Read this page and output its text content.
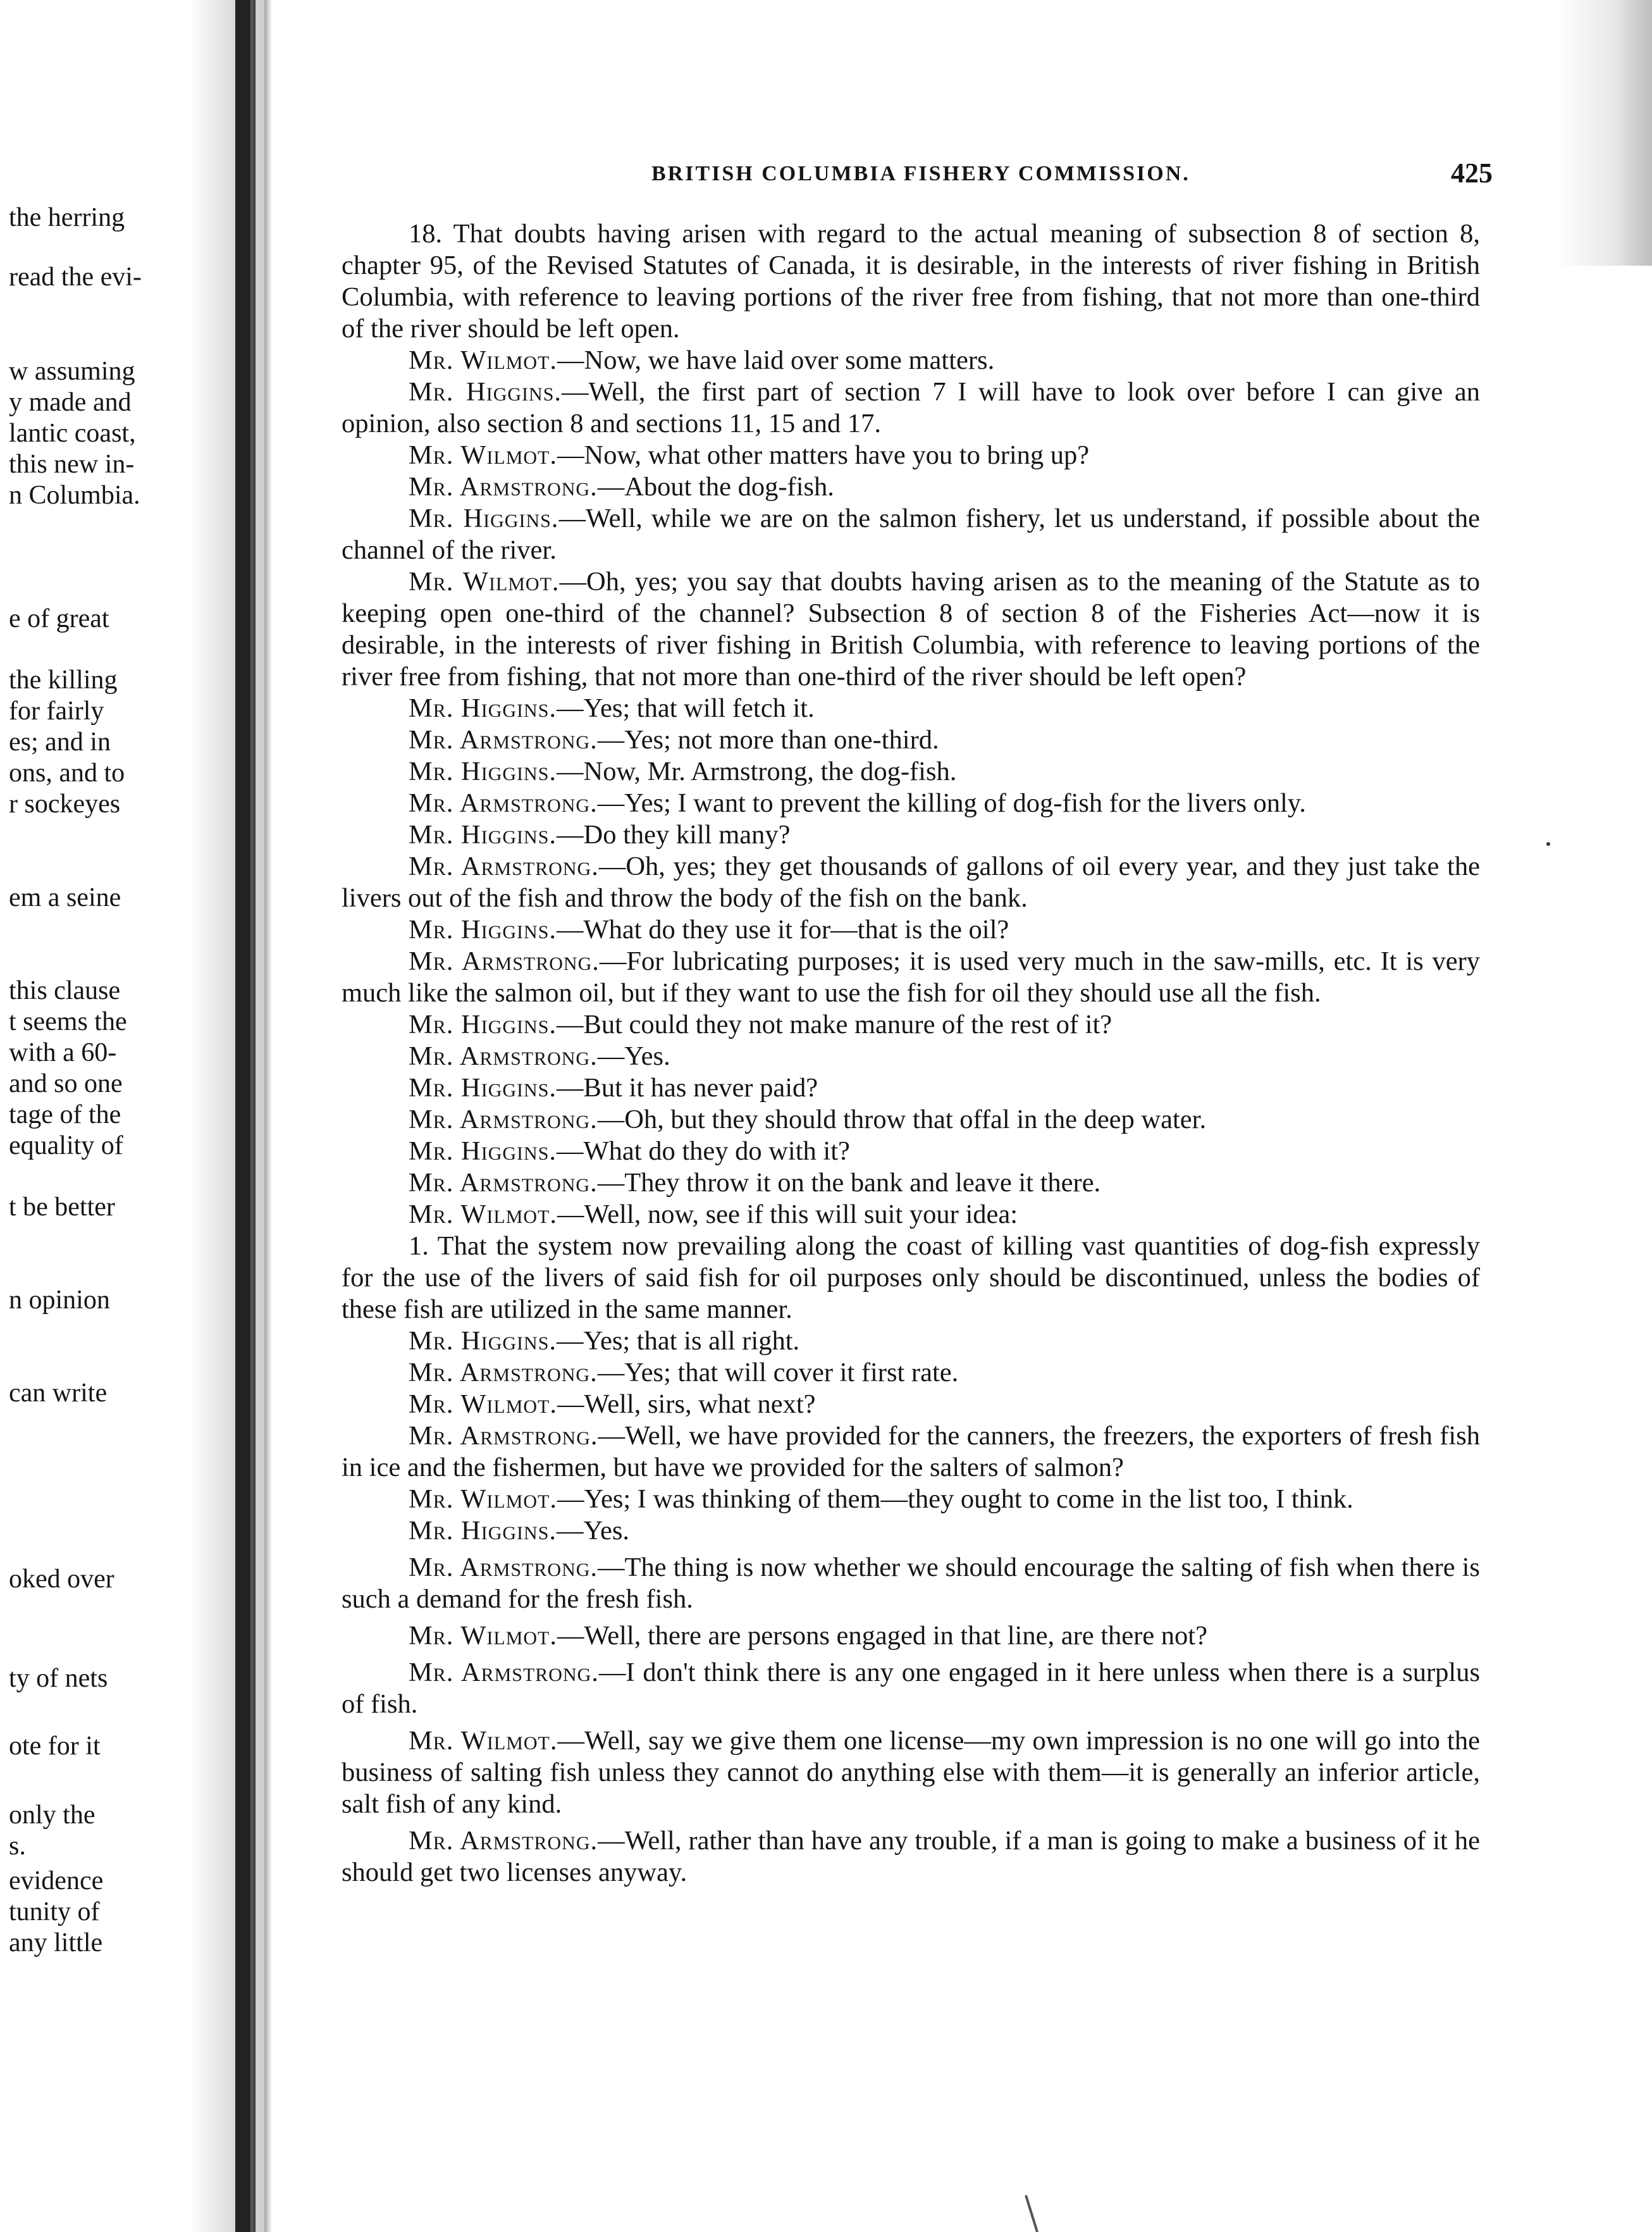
the herring
read the evi-
w assuming
y made and
lantic coast,
this new in-
n Columbia.
e of great
the killing
for fairly
es; and in
ons, and to
r sockeyes
em a seine
this clause
t seems the
with a 60-
and so one
tage of the
equality of
t be better
n opinion
can write
oked over
ty of nets
ote for it
only the
s.
evidence
tunity of
any little
BRITISH COLUMBIA FISHERY COMMISSION.	425

18. That doubts having arisen with regard to the actual meaning of subsection 8 of section 8, chapter 95, of the Revised Statutes of Canada, it is desirable, in the interests of river fishing in British Columbia, with reference to leaving portions of the river free from fishing, that not more than one-third of the river should be left open.

Mr. Wilmot.—Now, we have laid over some matters.

Mr. Higgins.—Well, the first part of section 7 I will have to look over before I can give an opinion, also section 8 and sections 11, 15 and 17.

Mr. Wilmot.—Now, what other matters have you to bring up?

Mr. Armstrong.—About the dog-fish.

Mr. Higgins.—Well, while we are on the salmon fishery, let us understand, if possible about the channel of the river.

Mr. Wilmot.—Oh, yes; you say that doubts having arisen as to the meaning of the Statute as to keeping open one-third of the channel? Subsection 8 of section 8 of the Fisheries Act—now it is desirable, in the interests of river fishing in British Columbia, with reference to leaving portions of the river free from fishing, that not more than one-third of the river should be left open?

Mr. Higgins.—Yes; that will fetch it.

Mr. Armstrong.—Yes; not more than one-third.

Mr. Higgins.—Now, Mr. Armstrong, the dog-fish.

Mr. Armstrong.—Yes; I want to prevent the killing of dog-fish for the livers only.

Mr. Higgins.—Do they kill many?

Mr. Armstrong.—Oh, yes; they get thousands of gallons of oil every year, and they just take the livers out of the fish and throw the body of the fish on the bank.

Mr. Higgins.—What do they use it for—that is the oil?

Mr. Armstrong.—For lubricating purposes; it is used very much in the saw-mills, etc. It is very much like the salmon oil, but if they want to use the fish for oil they should use all the fish.

Mr. Higgins.—But could they not make manure of the rest of it?

Mr. Armstrong.—Yes.

Mr. Higgins.—But it has never paid?

Mr. Armstrong.—Oh, but they should throw that offal in the deep water.

Mr. Higgins.—What do they do with it?

Mr. Armstrong.—They throw it on the bank and leave it there.

Mr. Wilmot.—Well, now, see if this will suit your idea:

1. That the system now prevailing along the coast of killing vast quantities of dog-fish expressly for the use of the livers of said fish for oil purposes only should be discontinued, unless the bodies of these fish are utilized in the same manner.

Mr. Higgins.—Yes; that is all right.

Mr. Armstrong.—Yes; that will cover it first rate.

Mr. Wilmot.—Well, sirs, what next?

Mr. Armstrong.—Well, we have provided for the canners, the freezers, the exporters of fresh fish in ice and the fishermen, but have we provided for the salters of salmon?

Mr. Wilmot.—Yes; I was thinking of them—they ought to come in the list too, I think.

Mr. Higgins.—Yes.

Mr. Armstrong.—The thing is now whether we should encourage the salting of fish when there is such a demand for the fresh fish.

Mr. Wilmot.—Well, there are persons engaged in that line, are there not?

Mr. Armstrong.—I don't think there is any one engaged in it here unless when there is a surplus of fish.

Mr. Wilmot.—Well, say we give them one license—my own impression is no one will go into the business of salting fish unless they cannot do anything else with them—it is generally an inferior article, salt fish of any kind.

Mr. Armstrong.—Well, rather than have any trouble, if a man is going to make a business of it he should get two licenses anyway.
